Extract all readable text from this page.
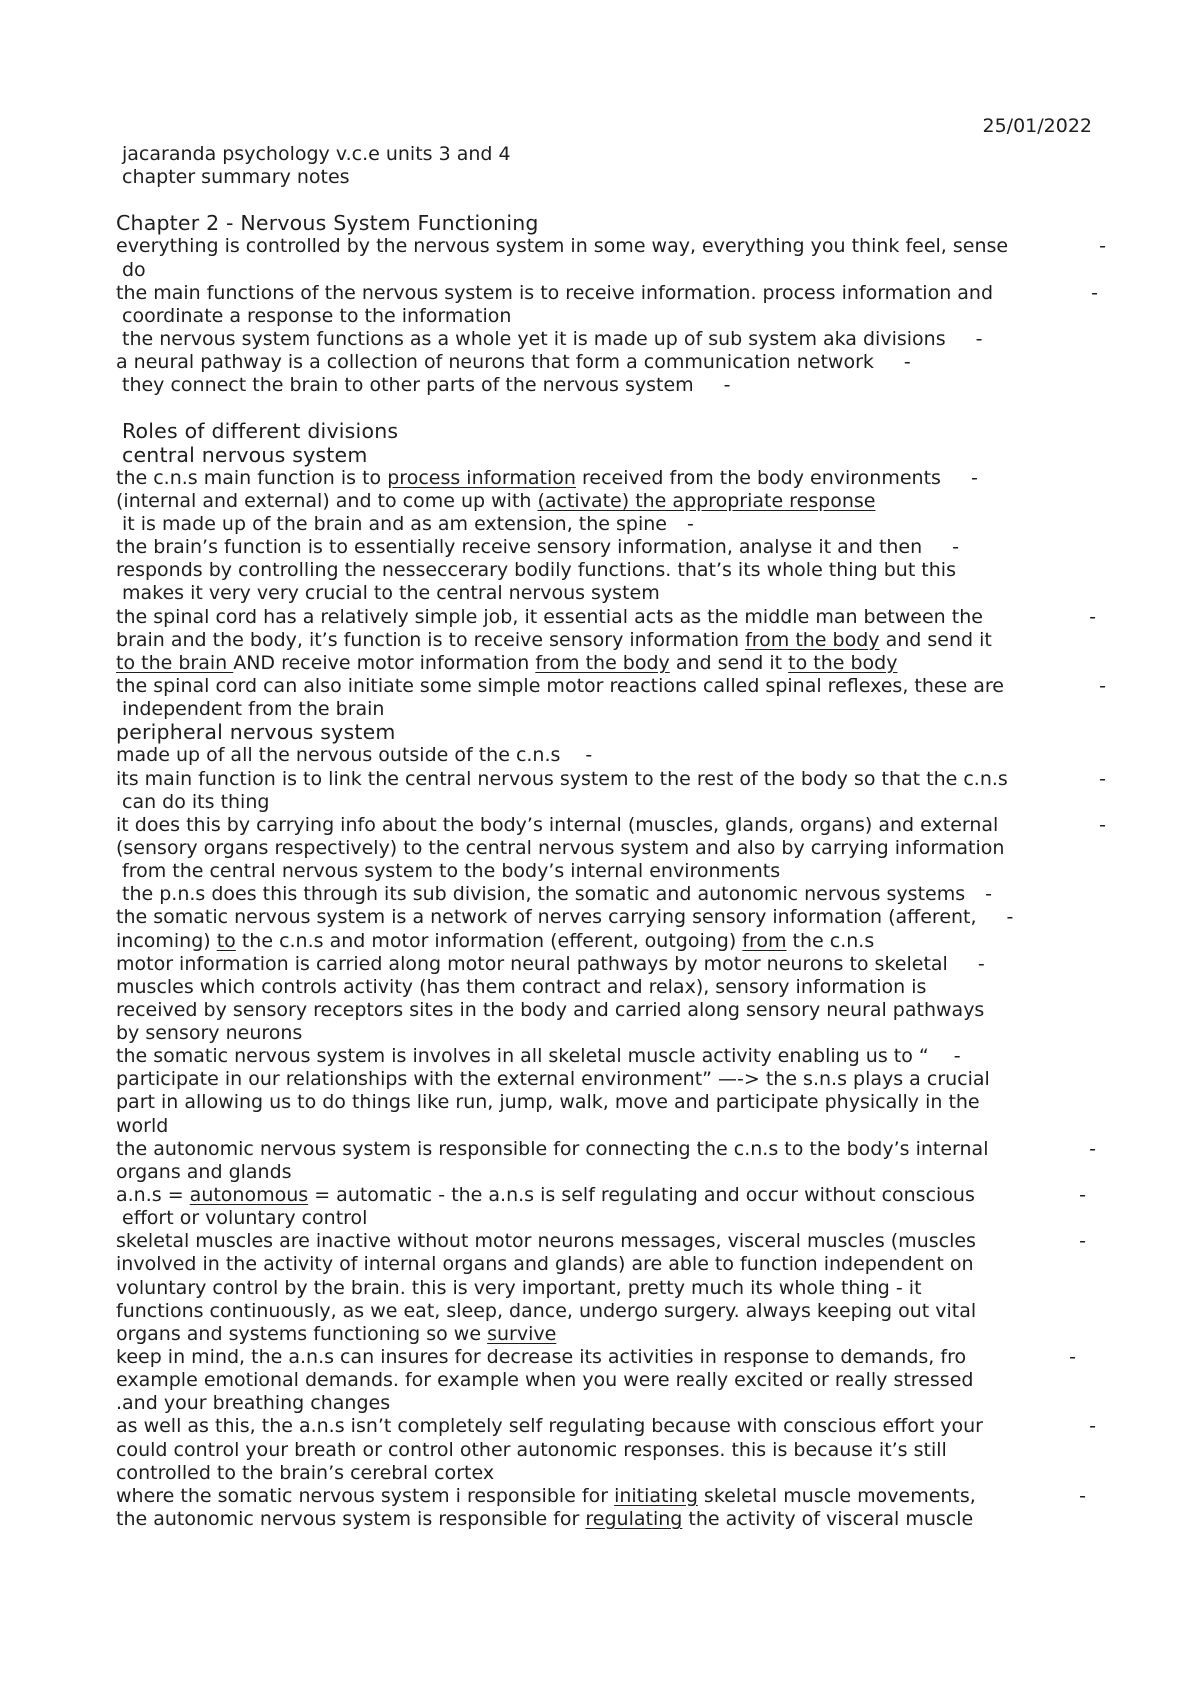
25/01/2022
jacaranda psychology v.c.e units 3 and 4
chapter summary notes
Chapter 2 - Nervous System Functioning
everything is controlled by the nervous system in some way, everything you think feel, sense	-
do
the main functions of the nervous system is to receive information. process information and	-
coordinate a response to the information
the nervous system functions as a whole yet it is made up of sub system aka divisions -
a neural pathway is a collection of neurons that form a communication network -
they connect the brain to other parts of the nervous system -
Roles of different divisions
central nervous system
the c.n.s main function is to process information received from the body environments -
(internal and external) and to come up with (activate) the appropriate response
it is made up of the brain and as am extension, the spine -
the brain’s function is to essentially receive sensory information, analyse it and then -
responds by controlling the nesseccerary bodily functions. that’s its whole thing but this
makes it very very crucial to the central nervous system
the spinal cord has a relatively simple job, it essential acts as the middle man between the	-
brain and the body, it’s function is to receive sensory information from the body and send it
to the brain AND receive motor information from the body and send it to the body
the spinal cord can also initiate some simple motor reactions called spinal reflexes, these are	-
independent from the brain
peripheral nervous system
made up of all the nervous outside of the c.n.s -
its main function is to link the central nervous system to the rest of the body so that the c.n.s	-
can do its thing
it does this by carrying info about the body’s internal (muscles, glands, organs) and external	-
(sensory organs respectively) to the central nervous system and also by carrying information
from the central nervous system to the body’s internal environments
the p.n.s does this through its sub division, the somatic and autonomic nervous systems -
the somatic nervous system is a network of nerves carrying sensory information (afferent, -
incoming) to the c.n.s and motor information (efferent, outgoing) from the c.n.s
motor information is carried along motor neural pathways by motor neurons to skeletal -
muscles which controls activity (has them contract and relax), sensory information is
received by sensory receptors sites in the body and carried along sensory neural pathways
by sensory neurons
the somatic nervous system is involves in all skeletal muscle activity enabling us to “ -
participate in our relationships with the external environment” —-> the s.n.s plays a crucial
part in allowing us to do things like run, jump, walk, move and participate physically in the
world
the autonomic nervous system is responsible for connecting the c.n.s to the body’s internal	-
organs and glands
a.n.s = autonomous = automatic - the a.n.s is self regulating and occur without conscious	-
effort or voluntary control
skeletal muscles are inactive without motor neurons messages, visceral muscles (muscles	-
involved in the activity of internal organs and glands) are able to function independent on
voluntary control by the brain. this is very important, pretty much its whole thing - it
functions continuously, as we eat, sleep, dance, undergo surgery. always keeping out vital
organs and systems functioning so we survive
keep in mind, the a.n.s can insures for decrease its activities in response to demands, fro	-
example emotional demands. for example when you were really excited or really stressed
.and your breathing changes
as well as this, the a.n.s isn’t completely self regulating because with conscious effort your	-
could control your breath or control other autonomic responses. this is because it’s still
controlled to the brain’s cerebral cortex
where the somatic nervous system i responsible for initiating skeletal muscle movements,	-
the autonomic nervous system is responsible for regulating the activity of visceral muscle
